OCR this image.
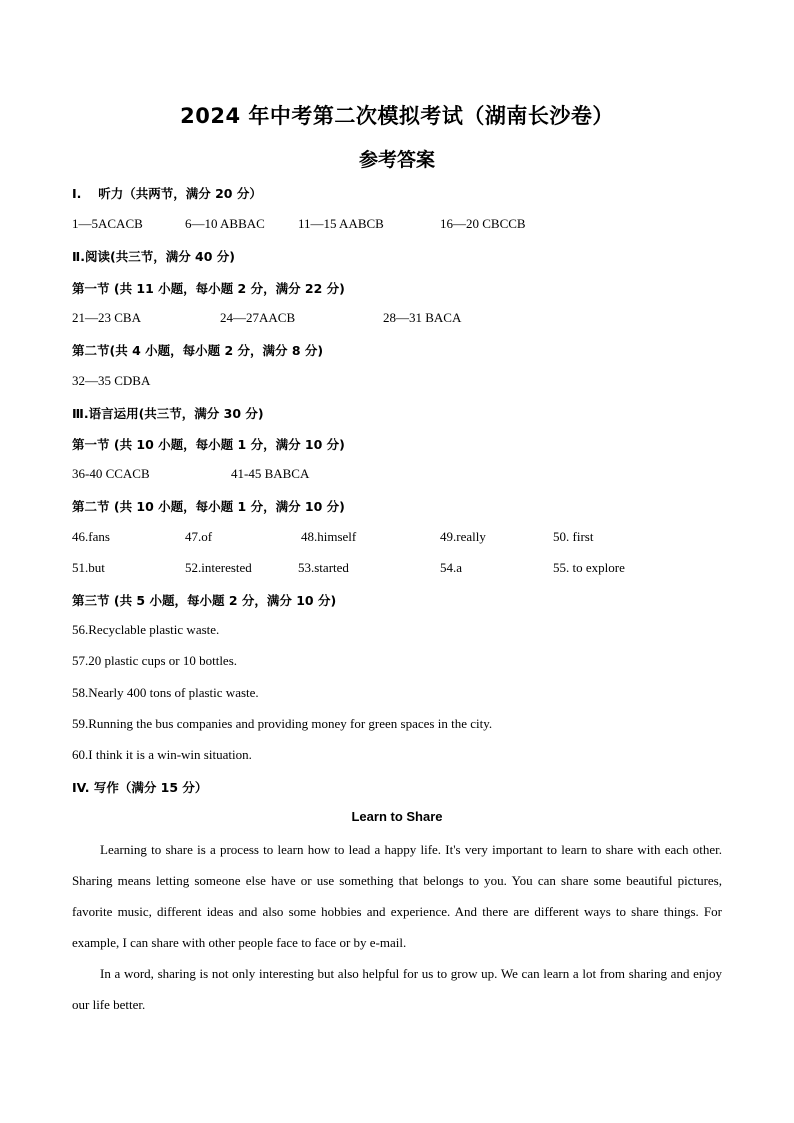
2024 年中考第二次模拟考试（湖南长沙卷）
参考答案
I.　 听力（共两节，满分 20 分）
1—5ACACB	6—10 ABBAC	11—15 AABCB	16—20 CBCCB
Ⅱ.阅读(共三节，满分 40 分)
第一节 (共 11 小题，每小题 2 分，满分 22 分)
21—23 CBA	24—27AACB	28—31 BACA
第二节(共 4 小题，每小题 2 分，满分 8 分)
32—35 CDBA
Ⅲ.语言运用(共三节，满分 30 分)
第一节 (共 10 小题，每小题 1 分，满分 10 分)
36-40 CCACB	41-45 BABCA
第二节 (共 10 小题，每小题 1 分，满分 10 分)
46.fans	47.of	48.himself	49.really	50. first
51.but	52.interested	53.started	54.a	55. to explore
第三节 (共 5 小题，每小题 2 分，满分 10 分)
56.Recyclable plastic waste.
57.20 plastic cups or 10 bottles.
58.Nearly 400 tons of plastic waste.
59.Running the bus companies and providing money for green spaces in the city.
60.I think it is a win-win situation.
IV. 写作（满分 15 分）
Learn to Share
Learning to share is a process to learn how to lead a happy life. It's very important to learn to share with each other. Sharing means letting someone else have or use something that belongs to you. You can share some beautiful pictures, favorite music, different ideas and also some hobbies and experience. And there are different ways to share things. For example, I can share with other people face to face or by e-mail.
In a word, sharing is not only interesting but also helpful for us to grow up. We can learn a lot from sharing and enjoy our life better.
